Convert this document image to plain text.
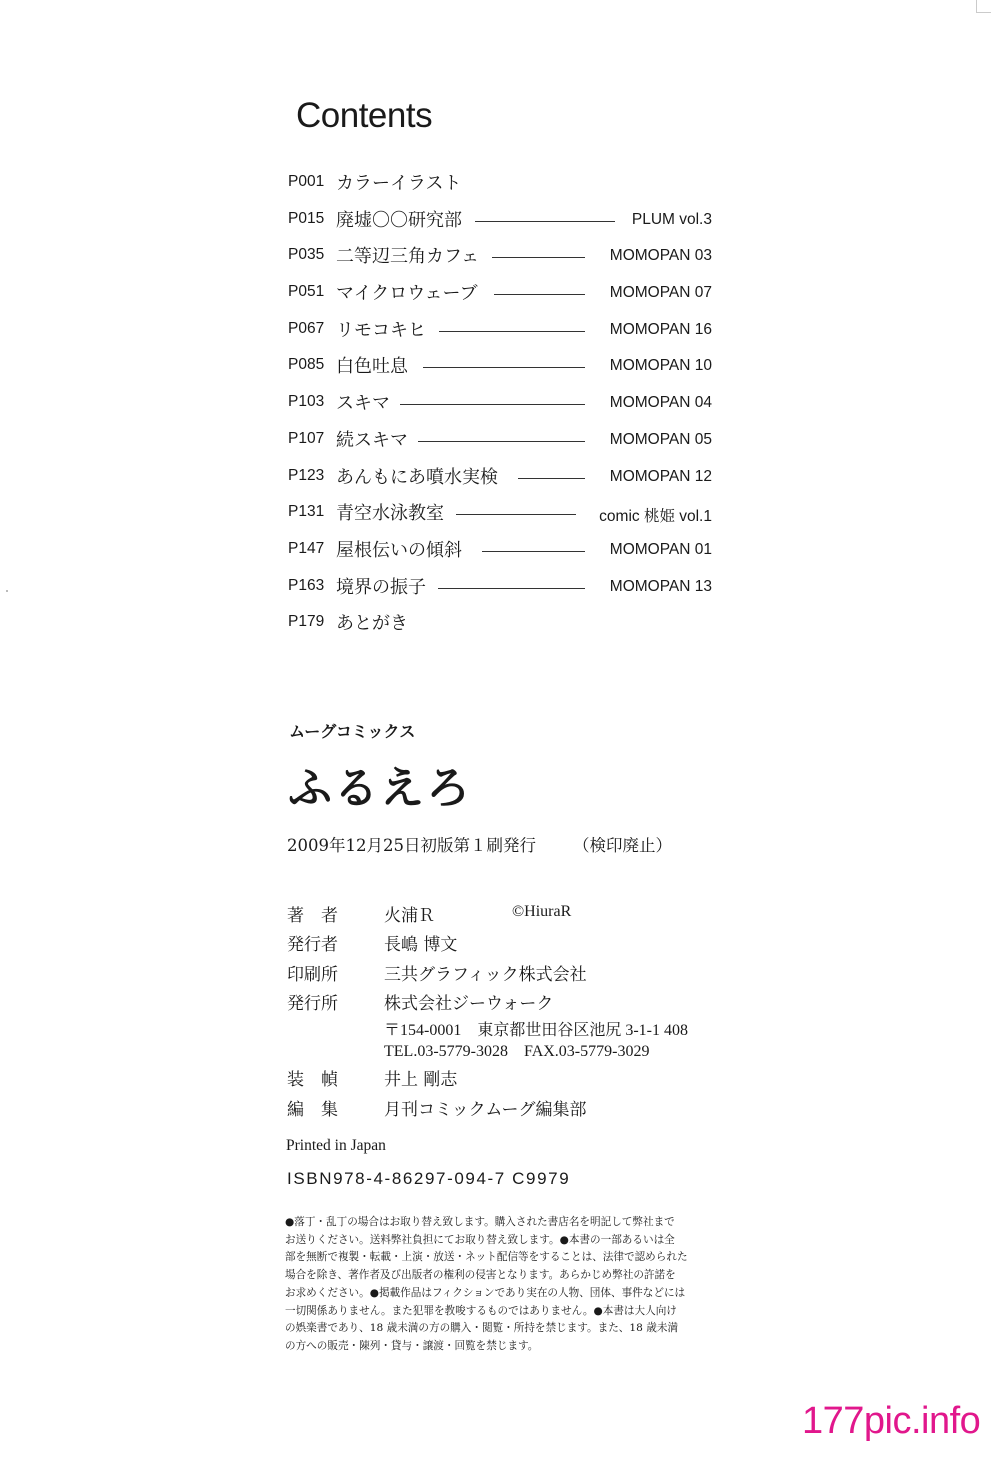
Contents
P001 カラーイラスト
P015 廃墟〇〇研究部	PLUM vol.3
P035 二等辺三角カフェ	MOMOPAN 03
P051 マイクロウェーブ	MOMOPAN 07
P067 リモコキヒ	MOMOPAN 16
P085 白色吐息	MOMOPAN 10
P103 スキマ	MOMOPAN 04
P107 続スキマ	MOMOPAN 05
P123 あんもにあ噴水実検	MOMOPAN 12
P131 青空水泳教室	comic 桃姫 vol.1
P147 屋根伝いの傾斜	MOMOPAN 01
P163 境界の振子	MOMOPAN 13
P179 あとがき
ムーグコミックス
ふるえろ
2009年12月25日初版第１刷発行 （検印廃止）
著　者	火浦Ｒ	©HiuraR
発行者	長嶋 博文
印刷所	三共グラフィック株式会社
発行所	株式会社ジーウォーク
〒154-0001　東京都世田谷区池尻 3-1-1 408
TEL.03-5779-3028　FAX.03-5779-3029
装　幀	井上 剛志
編　集	月刊コミックムーグ編集部
Printed in Japan
ISBN978-4-86297-094-7 C9979
●落丁・乱丁の場合はお取り替え致します。購入された書店名を明記して弊社まで
お送りください。送料弊社負担にてお取り替え致します。●本書の一部あるいは全
部を無断で複製・転載・上演・放送・ネット配信等をすることは、法律で認められた
場合を除き、著作者及び出版者の権利の侵害となります。あらかじめ弊社の許諾を
お求めください。●掲載作品はフィクションであり実在の人物、団体、事件などには
一切関係ありません。また犯罪を教唆するものではありません。●本書は大人向け
の娯楽書であり、18 歳未満の方の購入・閲覧・所持を禁じます。また、18 歳未満
の方への販売・陳列・貸与・譲渡・回覧を禁じます。
177pic.info
